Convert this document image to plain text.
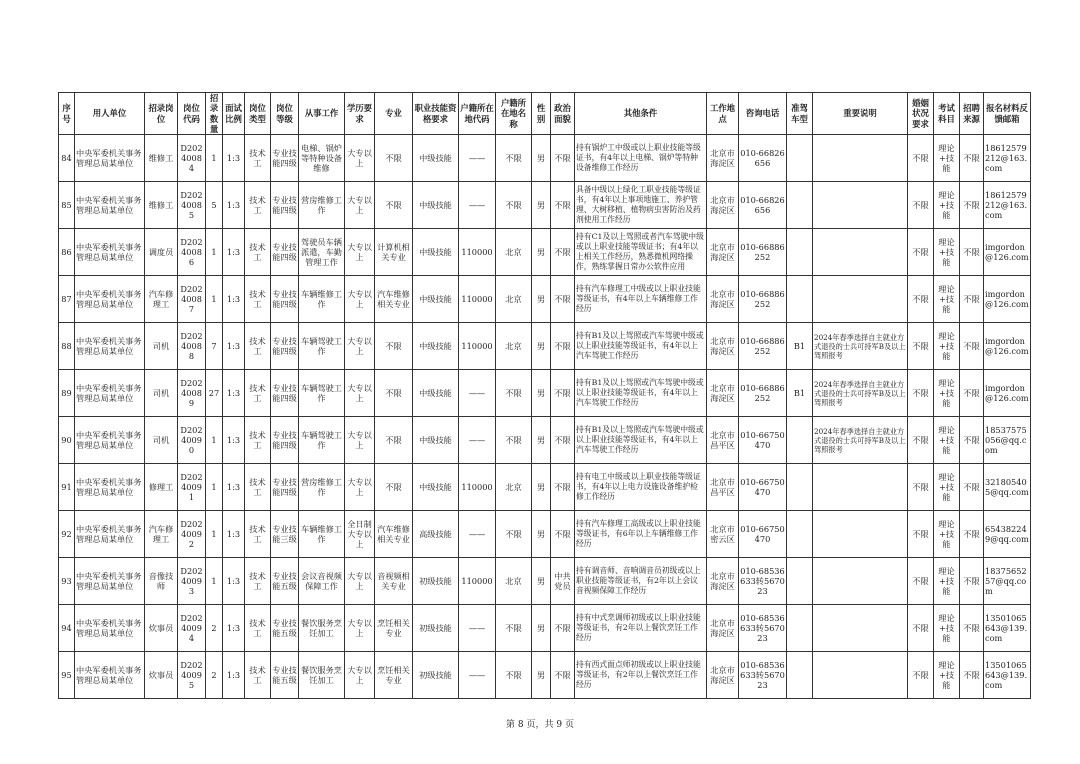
序号	用人单位	招录岗位	岗位代码	招录数量	面试比例	岗位类型	岗位等级	从事工作	学历要求	专业	职业技能资格要求	户籍所在地代码	户籍所在地名称	性别	政治面貌	其他条件	工作地点	咨询电话	准驾车型	重要说明	婚姻状况要求	考试科目	招聘来源	报名材料反馈邮箱
84	中央军委机关事务管理总局某单位	维修工	D20240084	1	1:3	技术工	专业技能四级	电梯、锅炉等特种设备维修	大专以上	不限	中级技能	——	不限	男	不限	持有锅炉工中级或以上职业技能等级证书，有4年以上电梯、锅炉等特种设备维修工作经历	北京市海淀区	010-66826656			不限	理论+技能	不限	18612579212@163.com
85	中央军委机关事务管理总局某单位	维修工	D20240085	5	1:3	技术工	专业技能四级	营房维修工作	大专以上	不限	中级技能	——	不限	男	不限	具备中级以上绿化工职业技能等级证书，有4年以上事项地施工、养护管理、大树移植、植物病虫害防治及药剂使用工作经历	北京市海淀区	010-66826656			不限	理论+技能	不限	18612579212@163.com
86	中央军委机关事务管理总局某单位	调度员	D20240086	1	1:3	技术工	专业技能四级	驾驶员车辆派遣，车勤管理工作	大专以上	计算机相关专业	中级技能	110000	北京	男	不限	持有C1及以上驾照或者汽车驾驶中级或以上职业技能等级证书；有4年以上相关工作经历，熟悉微机网络操作，熟练掌握日常办公软件应用	北京市海淀区	010-66886252			不限	理论+技能	不限	imgordon@126.com
87	中央军委机关事务管理总局某单位	汽车修理工	D20240087	1	1:3	技术工	专业技能四级	车辆维修工作	大专以上	汽车维修相关专业	中级技能	110000	北京	男	不限	持有汽车修理工中级或以上职业技能等级证书，有4年以上车辆维修工作经历	北京市海淀区	010-66886252			不限	理论+技能	不限	imgordon@126.com
88	中央军委机关事务管理总局某单位	司机	D20240088	7	1:3	技术工	专业技能四级	车辆驾驶工作	大专以上	不限	中级技能	110000	北京	男	不限	持有B1及以上驾照或汽车驾驶中级或以上职业技能等级证书，有4年以上汽车驾驶工作经历	北京市海淀区	010-66886252	B1	2024年春季选择自主就业方式退役的士兵可持军B及以上驾照报考	不限	理论+技能	不限	imgordon@126.com
89	中央军委机关事务管理总局某单位	司机	D20240089	27	1:3	技术工	专业技能四级	车辆驾驶工作	大专以上	不限	中级技能	——	不限	男	不限	持有B1及以上驾照或汽车驾驶中级或以上职业技能等级证书，有4年以上汽车驾驶工作经历	北京市海淀区	010-66886252	B1	2024年春季选择自主就业方式退役的士兵可持军B及以上驾照报考	不限	理论+技能	不限	imgordon@126.com
90	中央军委机关事务管理总局某单位	司机	D20240090	1	1:3	技术工	专业技能四级	车辆驾驶工作	大专以上	不限	中级技能	——	不限	男	不限	持有B1及以上驾照或汽车驾驶中级或以上职业技能等级证书，有4年以上汽车驾驶工作经历	北京市昌平区	010-66750470		2024年春季选择自主就业方式退役的士兵可持军B及以上驾照报考	不限	理论+技能	不限	18537575056@qq.com
91	中央军委机关事务管理总局某单位	修理工	D20240091	1	1:3	技术工	专业技能四级	营房维修工作	大专以上	不限	中级技能	110000	北京	男	不限	持有电工中级或以上职业技能等级证书，有4年以上电力设施设备维护检修工作经历	北京市昌平区	010-66750470			不限	理论+技能	不限	321805405@qq.com
92	中央军委机关事务管理总局某单位	汽车修理工	D20240092	1	1:3	技术工	专业技能三级	车辆维修工作	全日制大专以上	汽车维修相关专业	高级技能	——	不限	男	不限	持有汽车修理工高级或以上职业技能等级证书，有6年以上车辆维修工作经历	北京市密云区	010-66750470			不限	理论+技能	不限	654382249@qq.com
93	中央军委机关事务管理总局某单位	音像技师	D20240093	1	1:3	技术工	专业技能五级	会议音视频保障工作	大专以上	音视频相关专业	初级技能	110000	北京	男	中共党员	持有调音师、音响调音员初级或以上职业技能等级证书，有2年以上会议音视频保障工作经历	北京市海淀区	010-68536633转567023			不限	理论+技能	不限	1837565257@qq.com
94	中央军委机关事务管理总局某单位	炊事员	D20240094	2	1:3	技术工	专业技能五级	餐饮服务烹饪加工	大专以上	烹饪相关专业	初级技能	——	不限	男	不限	持有中式烹调师初级或以上职业技能等级证书，有2年以上餐饮烹饪工作经历	北京市海淀区	010-68536633转567023			不限	理论+技能	不限	13501065643@139.com
95	中央军委机关事务管理总局某单位	炊事员	D20240095	2	1:3	技术工	专业技能五级	餐饮服务烹饪加工	大专以上	烹饪相关专业	初级技能	——	不限	男	不限	持有西式面点师初级或以上职业技能等级证书，有2年以上餐饮烹饪工作经历	北京市海淀区	010-68536633转567023			不限	理论+技能	不限	13501065643@139.com
第 8 页，共 9 页
